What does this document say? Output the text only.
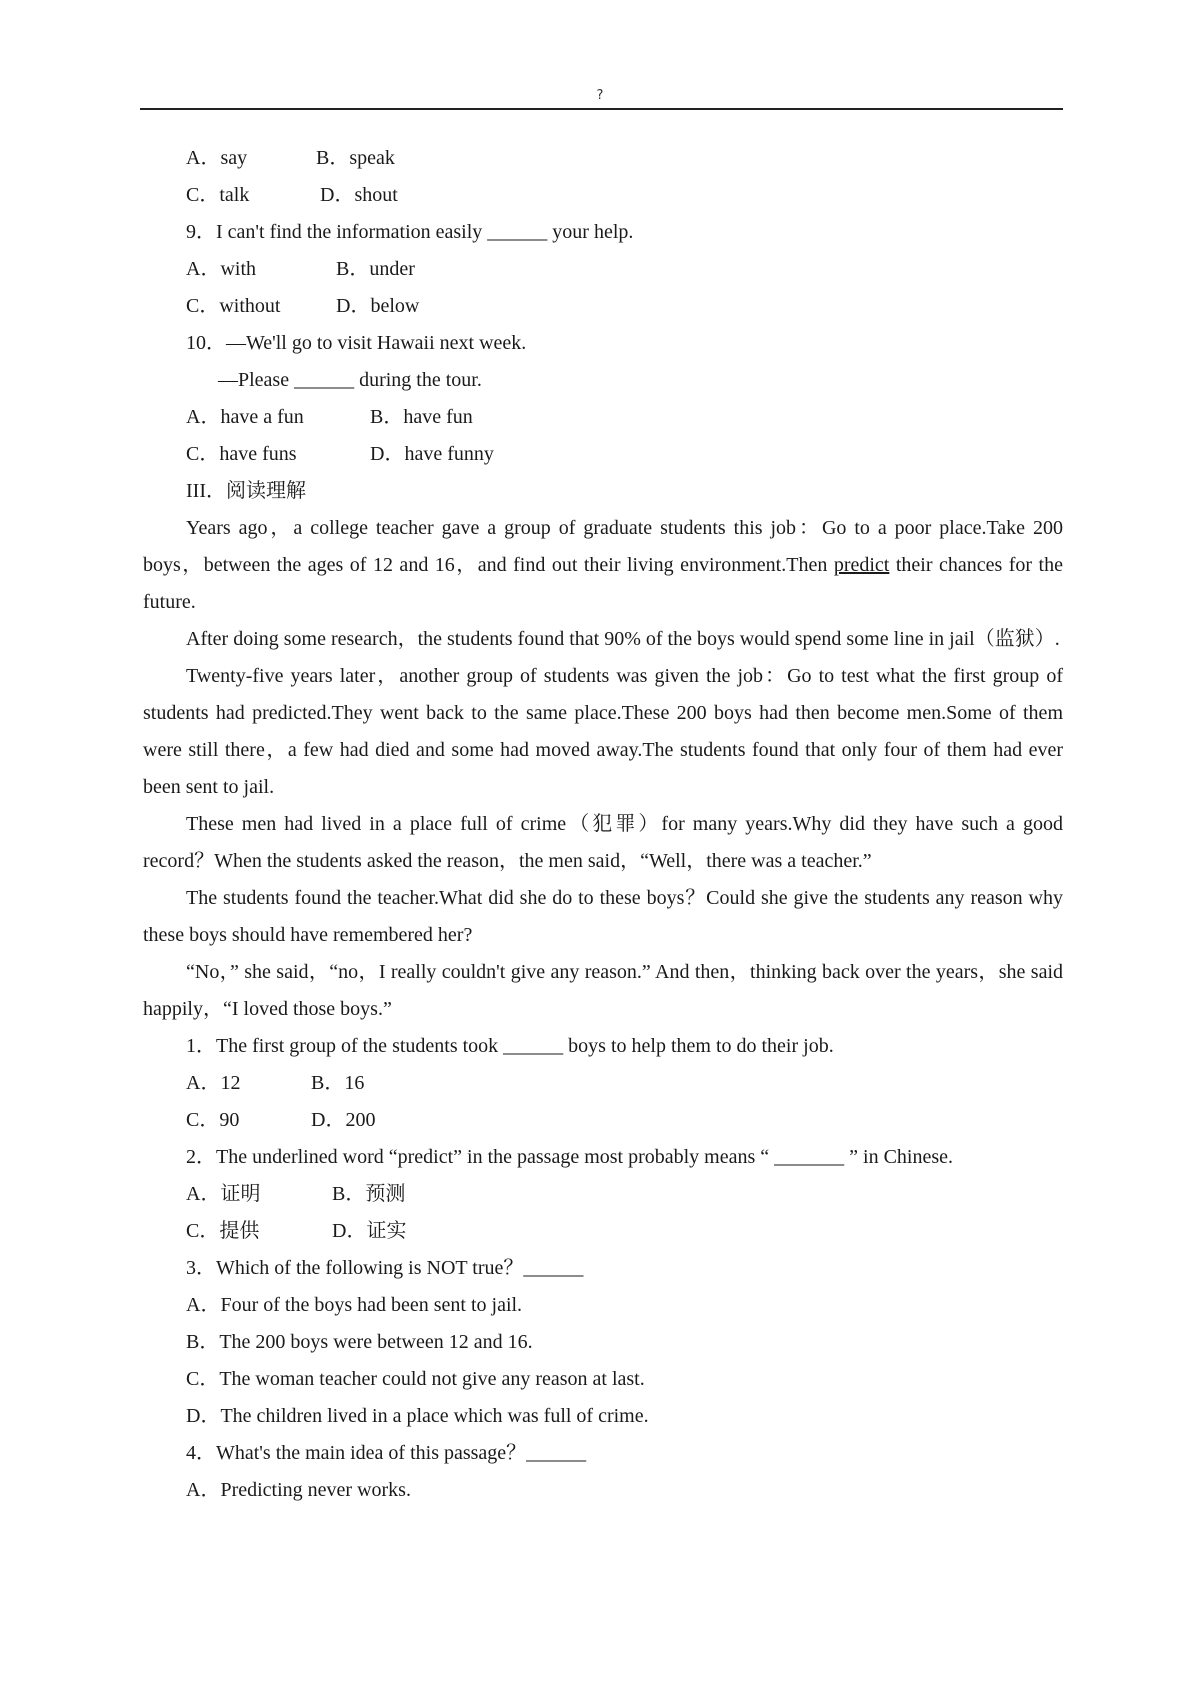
?
A．say	B．speak
C．talk	D．shout
9．I can't find the information easily ______ your help.
A．with	B．under
C．without	D．below
10．—We'll go to visit Hawaii next week.
—Please ______ during the tour.
A．have a fun	B．have fun
C．have funs	D．have funny
III．阅读理解

Years ago，a college teacher gave a group of graduate students this job：Go to a poor place.Take 200 boys，between the ages of 12 and 16，and find out their living environment.Then predict their chances for the future.

After doing some research，the students found that 90% of the boys would spend some line in jail（监狱）.

Twenty-five years later，another group of students was given the job：Go to test what the first group of students had predicted.They went back to the same place.These 200 boys had then become men.Some of them were still there，a few had died and some had moved away.The students found that only four of them had ever been sent to jail.

These men had lived in a place full of crime（犯罪）for many years.Why did they have such a good record？When the students asked the reason，the men said，“Well，there was a teacher.”

The students found the teacher.What did she do to these boys？Could she give the students any reason why these boys should have remembered her?

“No，” she said，“no，I really couldn't give any reason.” And then，thinking back over the years，she said happily，“I loved those boys.”

1．The first group of the students took ______ boys to help them to do their job.
A．12	B．16
C．90	D．200
2．The underlined word “predict” in the passage most probably means “ _______ ” in Chinese.
A．证明	B．预测
C．提供	D．证实
3．Which of the following is NOT true？______
A．Four of the boys had been sent to jail.
B．The 200 boys were between 12 and 16.
C．The woman teacher could not give any reason at last.
D．The children lived in a place which was full of crime.
4．What's the main idea of this passage？______
A．Predicting never works.
